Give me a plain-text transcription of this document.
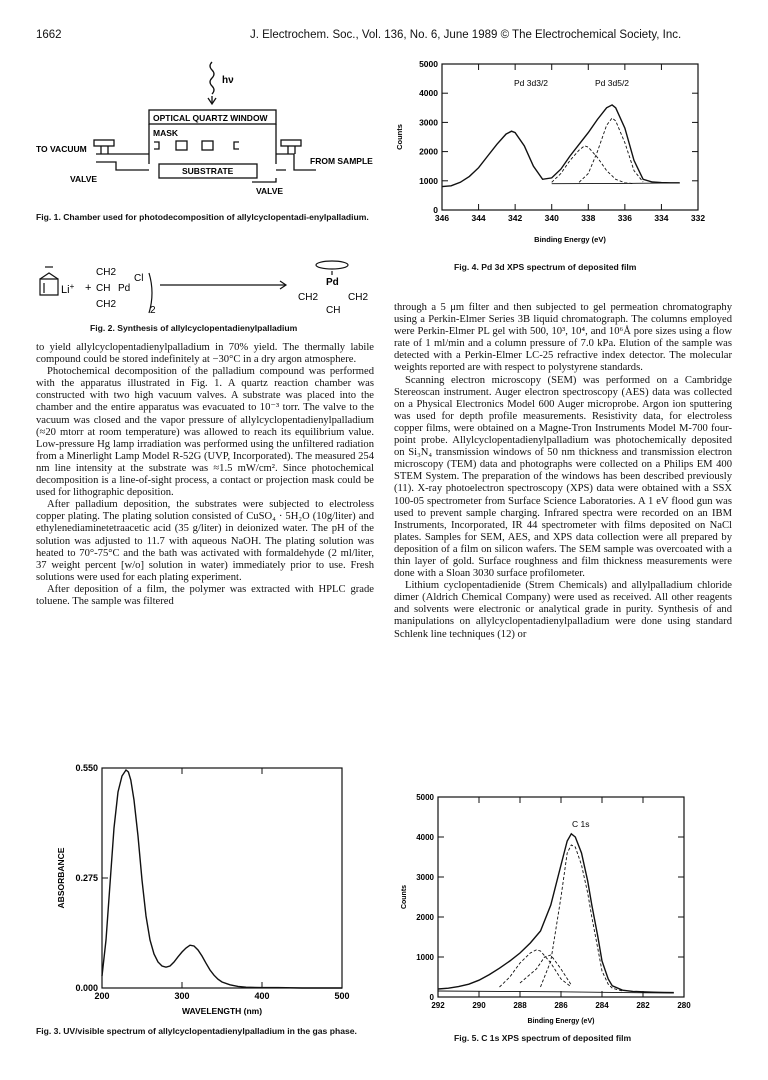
1662	J. Electrochem. Soc., Vol. 136, No. 6, June 1989 © The Electrochemical Society, Inc.
hν
OPTICAL QUARTZ WINDOW
MASK
SUBSTRATE
TO VACUUM
VALVE
FROM SAMPLE
VALVE
Fig. 1. Chamber used for photodecomposition of allylcyclopentadi-enylpalladium.
Li+ +
CH2
CH Pd
Cl
CH2
2
Pd
CH2	CH2
CH
Fig. 2. Synthesis of allylcyclopentadienylpalladium

to yield allylcyclopentadienylpalladium in 70% yield. The thermally labile compound could be stored indefinitely at −30°C in a dry argon atmosphere.

Photochemical decomposition of the palladium compound was performed with the apparatus illustrated in Fig. 1. A quartz reaction chamber was constructed with two high vacuum valves. A substrate was placed into the chamber and the entire apparatus was evacuated to 10⁻³ torr. The valve to the vacuum was closed and the vapor pressure of allylcyclopentadienylpalladium (≈20 mtorr at room temperature) was allowed to reach its equilibrium value. Low-pressure Hg lamp irradiation was performed using the unfiltered radiation from a Minerlight Lamp Model R-52G (UVP, Incorporated). The measured 254 nm line intensity at the substrate was ≈1.5 mW/cm². Since photochemical decomposition is a line-of-sight process, a contact or projection mask could be used for lithographic deposition.

After palladium deposition, the substrates were subjected to electroless copper plating. The plating solution consisted of CuSO₄ · 5H₂O (10g/liter) and ethylenediaminetetraacetic acid (35 g/liter) in deionized water. The pH of the solution was adjusted to 11.7 with aqueous NaOH. The plating solution was heated to 70°-75°C and the bath was activated with formaldehyde (2 ml/liter, 37 weight percent [w/o] solution in water) immediately prior to use. Fresh solutions were used for each plating experiment.

After deposition of a film, the polymer was extracted with HPLC grade toluene. The sample was filtered

through a 5 μm filter and then subjected to gel permeation chromatography using a Perkin-Elmer Series 3B liquid chromatograph. The columns employed were Perkin-Elmer PL gel with 500, 10³, 10⁴, and 10⁶Å pore sizes using a flow rate of 1 ml/min and a column pressure of 7.0 kPa. Elution of the sample was detected with a Perkin-Elmer LC-25 refractive index detector. The molecular weights reported are with respect to polystyrene standards.

Scanning electron microscopy (SEM) was performed on a Cambridge Stereoscan instrument. Auger electron spectroscopy (AES) data was collected on a Physical Electronics Model 600 Auger microprobe. Argon ion sputtering was used for depth profile measurements. Resistivity data, for electroless copper films, were obtained on a Magne-Tron Instruments Model M-700 four-point probe. Allylcyclopentadienylpalladium was photochemically deposited on Si₃N₄ transmission windows of 50 nm thickness and transmission electron microscopy (TEM) data and photographs were collected on a Philips EM 400 STEM System. The preparation of the windows has been described previously (11). X-ray photoelectron spectroscopy (XPS) data were obtained with a SSX 100-05 spectrometer from Surface Science Laboratories. A 1 eV flood gun was used to prevent sample charging. Infrared spectra were recorded on an IBM Instruments, Incorporated, IR 44 spectrometer with films deposited on NaCl plates. Samples for SEM, AES, and XPS data collection were all prepared by deposition of a film on silicon wafers. The SEM sample was overcoated with a thin layer of gold. Surface roughness and film thickness measurements were done with a Sloan 3030 surface profilometer.

Lithium cyclopentadienide (Strem Chemicals) and allylpalladium chloride dimer (Aldrich Chemical Company) were used as received. All other reagents and solvents were electronic or analytical grade in purity. Synthesis of and manipulations on allylcyclopentadienylpalladium were done using standard Schlenk line techniques (12) or

346	344	342	340	338	336	334	332
0
1000
2000
3000
4000
5000
Binding Energy (eV)
Counts
Pd 3d3/2	Pd 3d5/2
Fig. 4. Pd 3d XPS spectrum of deposited film
200	300	400	500
0.000
0.275
0.550
WAVELENGTH (nm)
ABSORBANCE
Fig. 3. UV/visible spectrum of allylcyclopentadienylpalladium in the gas phase.
292	290	288	286	284	282	280
0
1000
2000
3000
4000
5000
Binding Energy (eV)
Counts
C 1s
Fig. 5. C 1s XPS spectrum of deposited film
